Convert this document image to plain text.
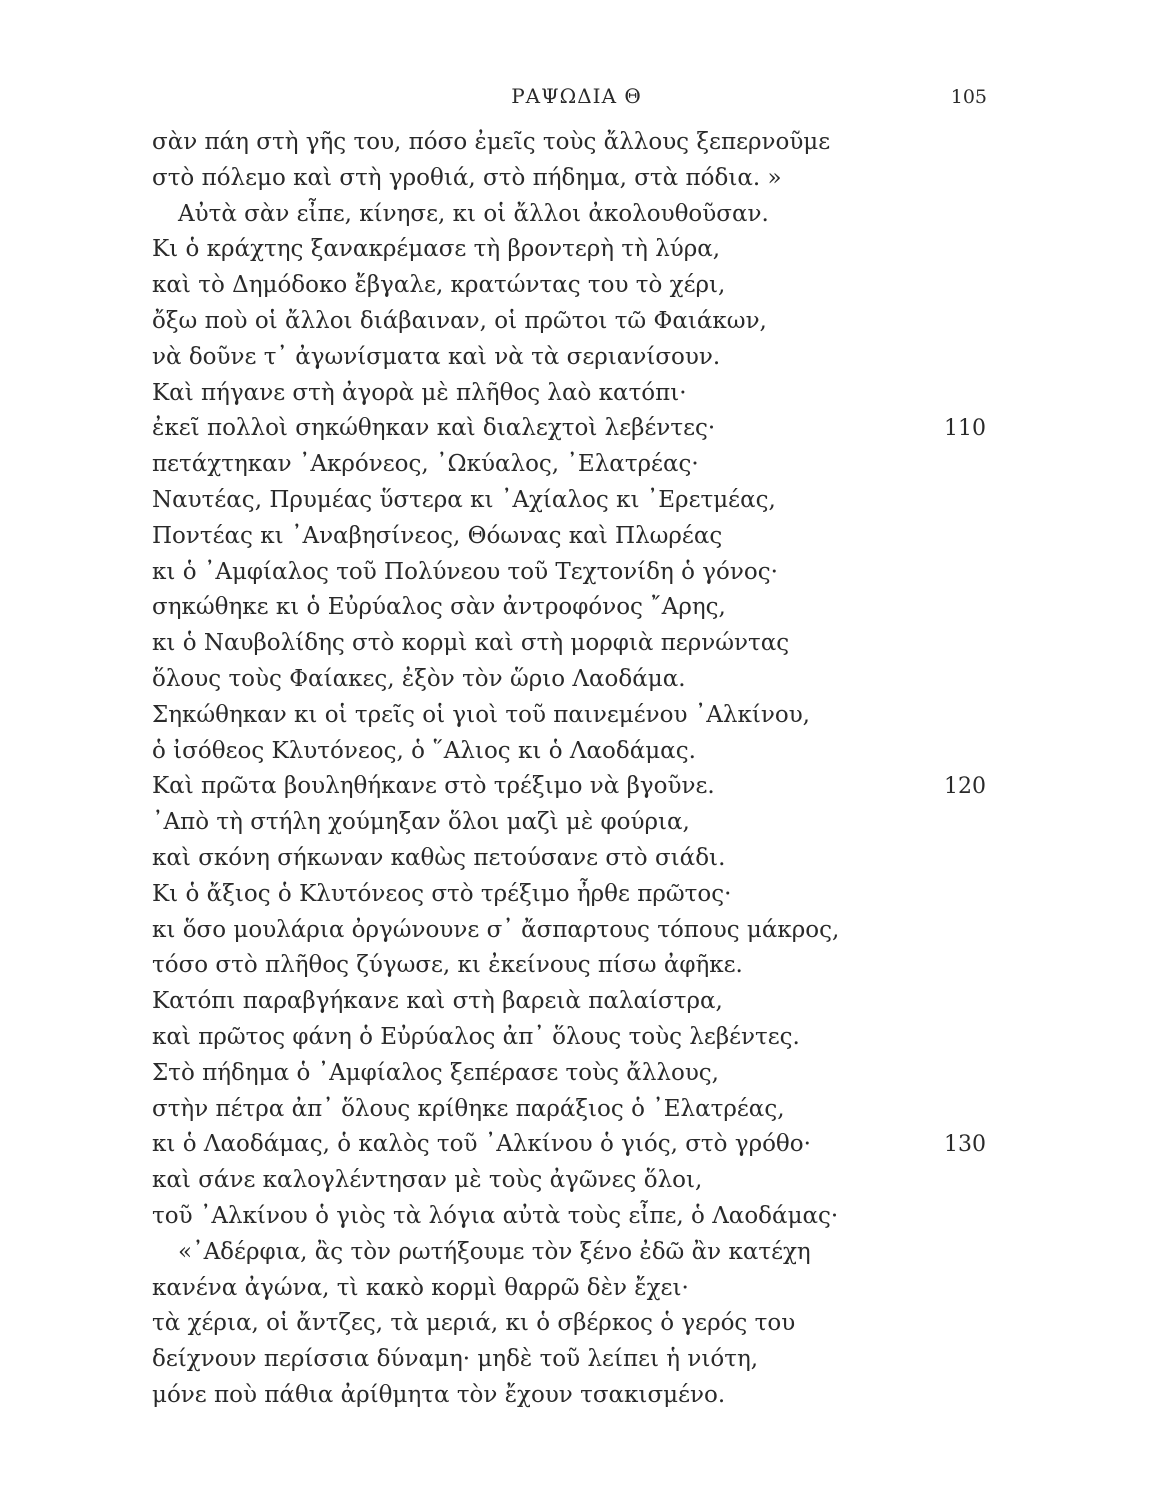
ΡΑΨΩΔΙΑ Θ	105
σὰν πάη στὴ γῆς του, πόσο ἐμεῖς τοὺς ἄλλους ξεπερνοῦμε
στὸ πόλεμο καὶ στὴ γροθιά, στὸ πήδημα, στὰ πόδια. »
Αὐτὰ σὰν εἶπε, κίνησε, κι οἱ ἄλλοι ἀκολουθοῦσαν.
Κι ὁ κράχτης ξανακρέμασε τὴ βροντερὴ τὴ λύρα,
καὶ τὸ Δημόδοκο ἔβγαλε, κρατώντας του τὸ χέρι,
ὄξω ποὺ οἱ ἄλλοι διάβαιναν, οἱ πρῶτοι τῶ Φαιάκων,
νὰ δοῦνε τ᾽ ἀγωνίσματα καὶ νὰ τὰ σεριανίσουν.
Καὶ πήγανε στὴ ἀγορὰ μὲ πλῆθος λαὸ κατόπι·
ἐκεῖ πολλοὶ σηκώθηκαν καὶ διαλεχτοὶ λεβέντες·	110
πετάχτηκαν ᾽Ακρόνεος, ᾽Ωκύαλος, ᾽Ελατρέας·
Ναυτέας, Πρυμέας ὕστερα κι ᾽Αχίαλος κι ᾽Ερετμέας,
Ποντέας κι ᾽Αναβησίνεος, Θόωνας καὶ Πλωρέας
κι ὁ ᾽Αμφίαλος τοῦ Πολύνεου τοῦ Τεχτονίδη ὁ γόνος·
σηκώθηκε κι ὁ Εὐρύαλος σὰν ἀντροφόνος ῎Αρης,
κι ὁ Ναυβολίδης στὸ κορμὶ καὶ στὴ μορφιὰ περνώντας
ὅλους τοὺς Φαίακες, ἐξὸν τὸν ὥριο Λαοδάμα.
Σηκώθηκαν κι οἱ τρεῖς οἱ γιοὶ τοῦ παινεμένου ᾽Αλκίνου,
ὁ ἰσόθεος Κλυτόνεος, ὁ ῞Αλιος κι ὁ Λαοδάμας.
Καὶ πρῶτα βουληθήκανε στὸ τρέξιμο νὰ βγοῦνε.	120
᾽Απὸ τὴ στήλη χούμηξαν ὅλοι μαζὶ μὲ φούρια,
καὶ σκόνη σήκωναν καθὼς πετούσανε στὸ σιάδι.
Κι ὁ ἄξιος ὁ Κλυτόνεος στὸ τρέξιμο ἦρθε πρῶτος·
κι ὅσο μουλάρια ὀργώνουνε σ᾽ ἄσπαρτους τόπους μάκρος,
τόσο στὸ πλῆθος ζύγωσε, κι ἐκείνους πίσω ἀφῆκε.
Κατόπι παραβγήκανε καὶ στὴ βαρειὰ παλαίστρα,
καὶ πρῶτος φάνη ὁ Εὐρύαλος ἀπ᾽ ὅλους τοὺς λεβέντες.
Στὸ πήδημα ὁ ᾽Αμφίαλος ξεπέρασε τοὺς ἄλλους,
στὴν πέτρα ἀπ᾽ ὅλους κρίθηκε παράξιος ὁ ᾽Ελατρέας,
κι ὁ Λαοδάμας, ὁ καλὸς τοῦ ᾽Αλκίνου ὁ γιός, στὸ γρόθο·	130
καὶ σάνε καλογλέντησαν μὲ τοὺς ἀγῶνες ὅλοι,
τοῦ ᾽Αλκίνου ὁ γιὸς τὰ λόγια αὐτὰ τοὺς εἶπε, ὁ Λαοδάμας·
«᾽Αδέρφια, ἂς τὸν ρωτήξουμε τὸν ξένο ἐδῶ ἂν κατέχη
κανένα ἀγώνα, τὶ κακὸ κορμὶ θαρρῶ δὲν ἔχει·
τὰ χέρια, οἱ ἄντζες, τὰ μεριά, κι ὁ σβέρκος ὁ γερός του
δείχνουν περίσσια δύναμη· μηδὲ τοῦ λείπει ἡ νιότη,
μόνε ποὺ πάθια ἀρίθμητα τὸν ἔχουν τσακισμένο.
